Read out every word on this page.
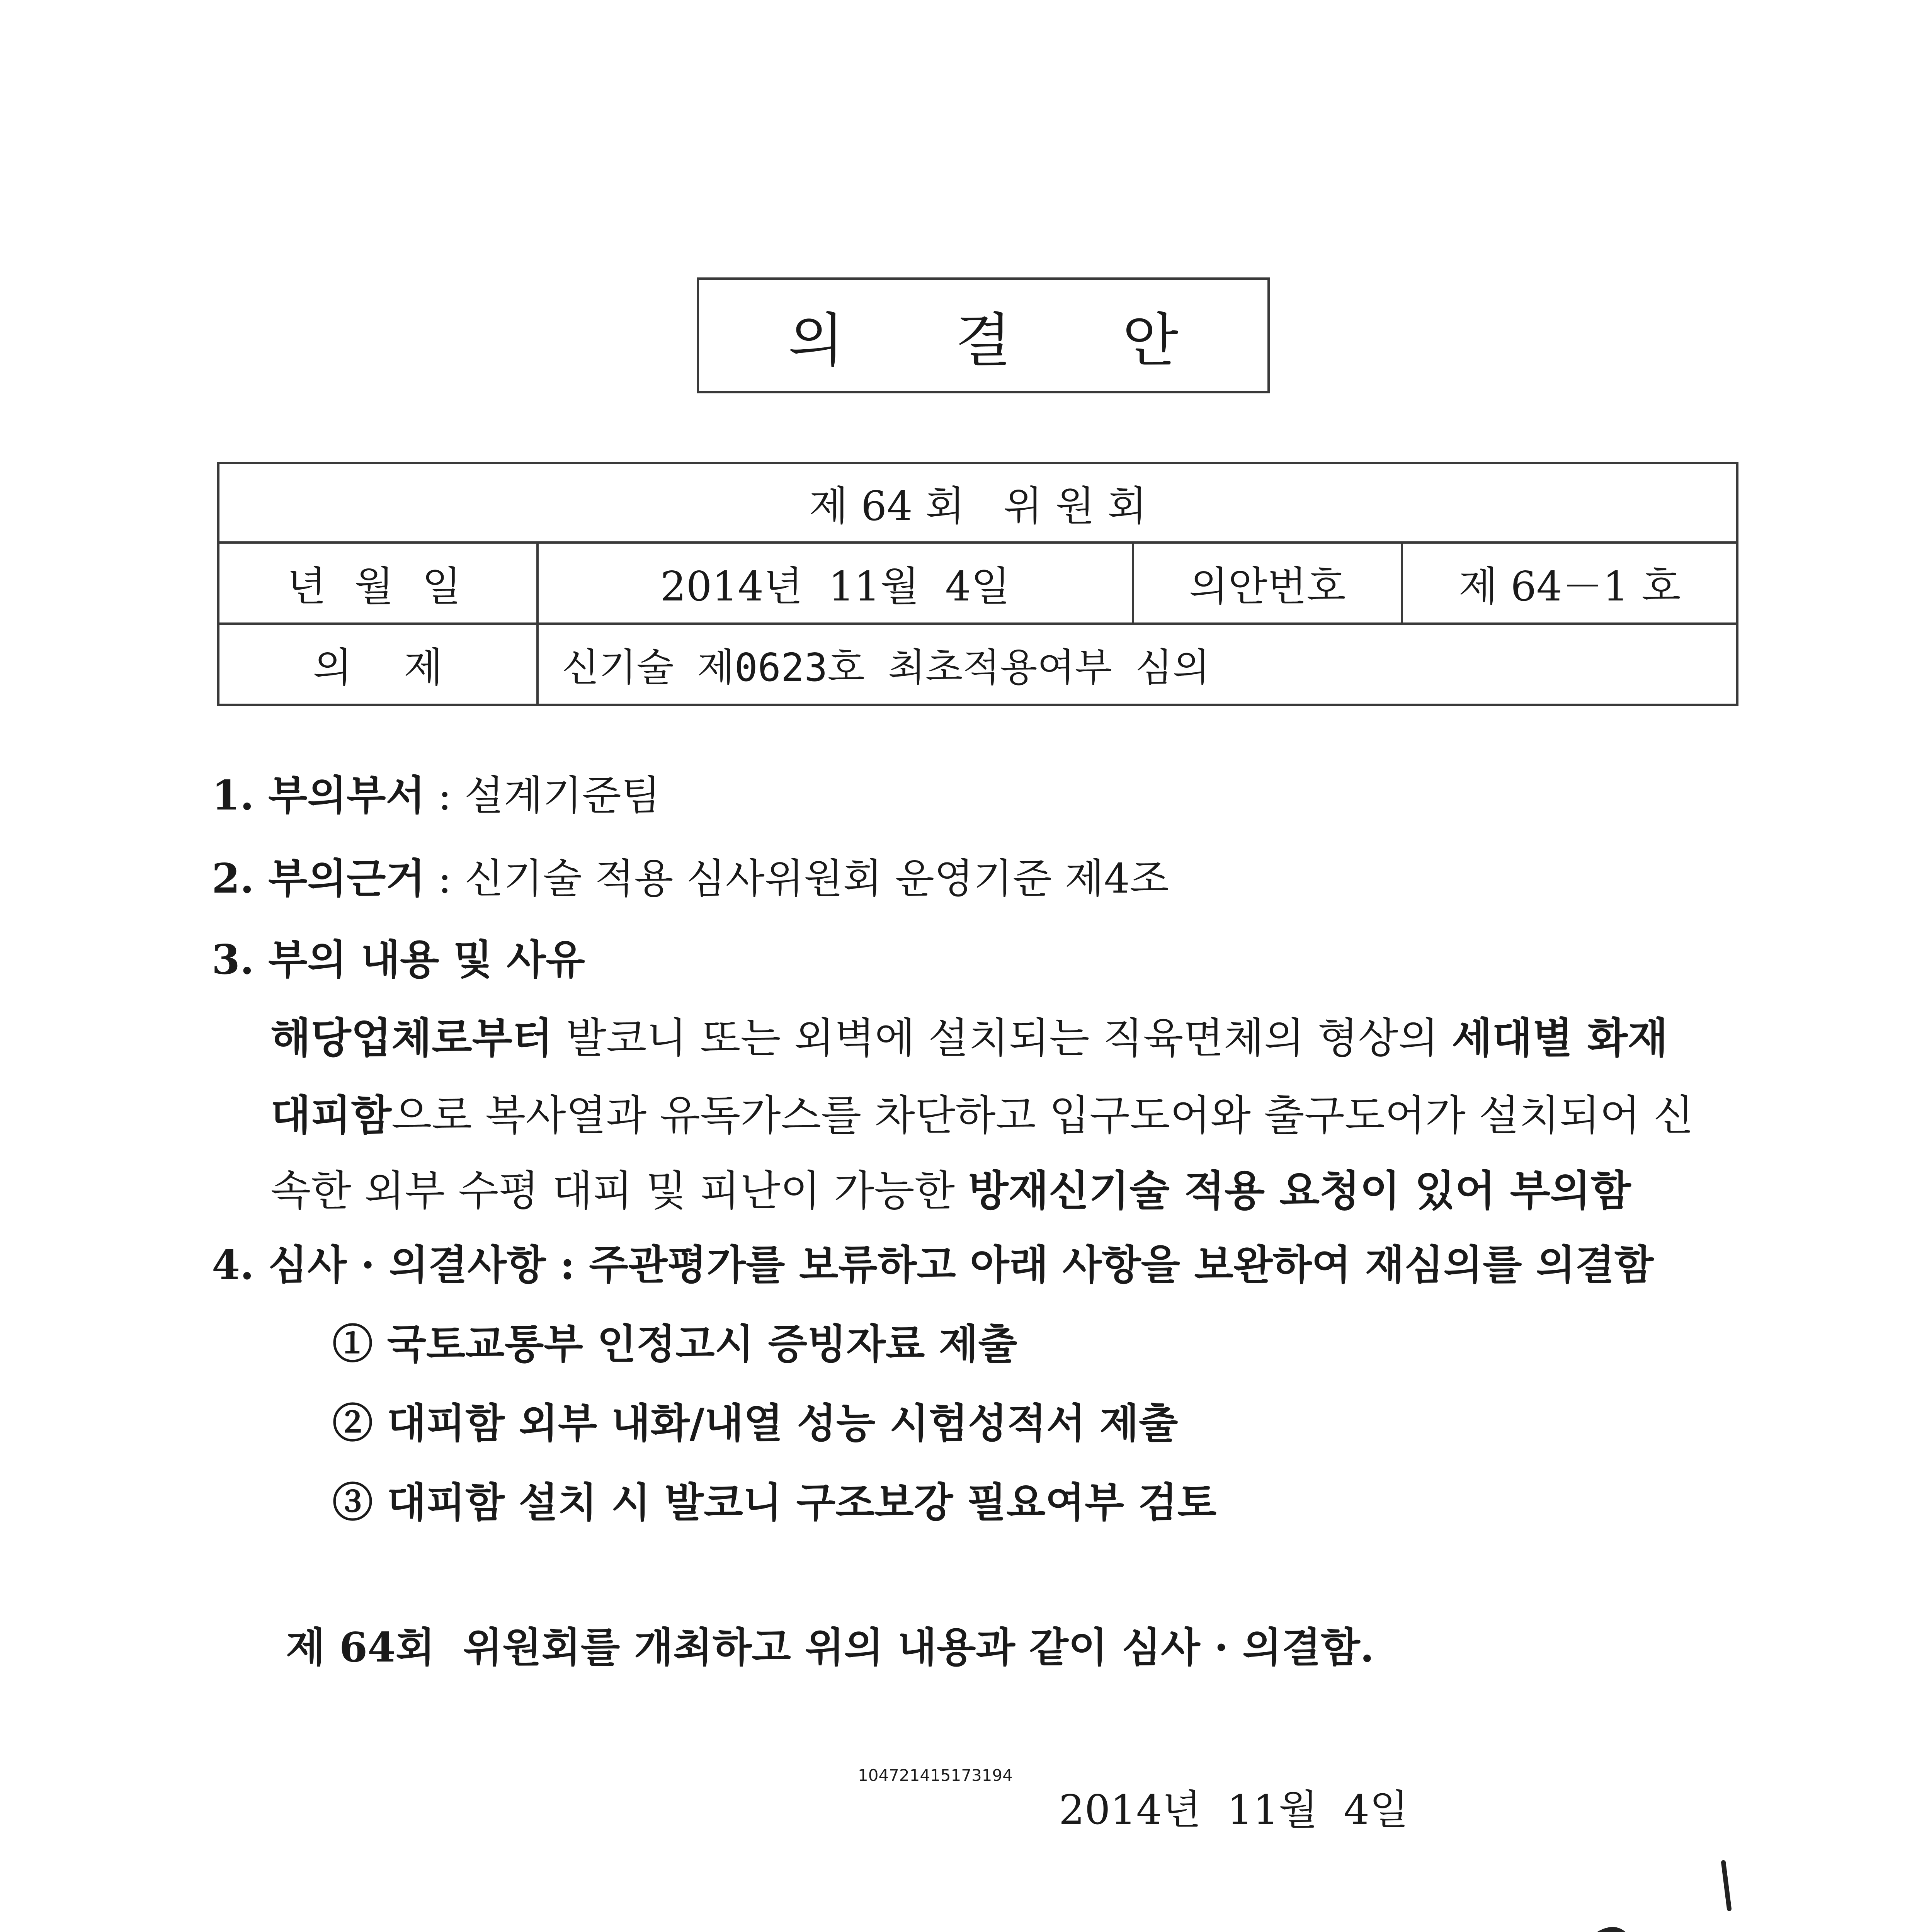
의 결 안
제 64 회   위 원 회
년 월 일	2014년  11월  4일	의안번호	제 64－1 호
의    제	신기술 제0623호 최초적용여부 심의
1. 부의부서 : 설계기준팀
2. 부의근거 : 신기술 적용 심사위원회 운영기준 제4조
3. 부의 내용 및 사유
해당업체로부터 발코니 또는 외벽에 설치되는 직육면체의 형상의 세대별 화재
대피함으로 복사열과 유독가스를 차단하고 입구도어와 출구도어가 설치되어 신
속한 외부 수평 대피 및 피난이 가능한 방재신기술 적용 요청이 있어 부의함
4. 심사 · 의결사항 : 주관평가를 보류하고 아래 사항을 보완하여 재심의를 의결함
① 국토교통부 인정고시 증빙자료 제출
② 대피함 외부 내화/내열 성능 시험성적서 제출
③ 대피함 설치 시 발코니 구조보강 필요여부 검토
제 64회  위원회를 개최하고 위의 내용과 같이 심사 · 의결함.
104721415173194
2014년  11월  4일
